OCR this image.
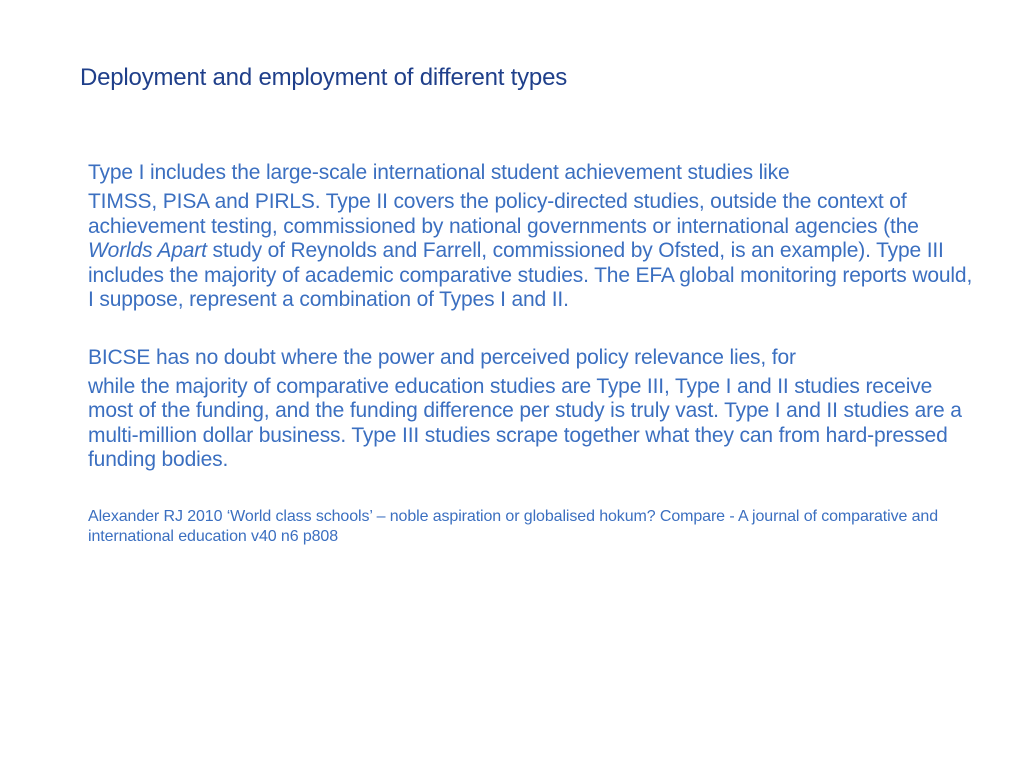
Deployment and employment of different types

Type I includes the large-scale international student achievement studies like
TIMSS, PISA and PIRLS. Type II covers the policy-directed studies, outside the context of achievement testing, commissioned by national governments or international agencies (the Worlds Apart study of Reynolds and Farrell, commissioned by Ofsted, is an example). Type III includes the majority of academic comparative studies. The EFA global monitoring reports would, I suppose, represent a combination of Types I and II.

BICSE has no doubt where the power and perceived policy relevance lies, for
while the majority of comparative education studies are Type III, Type I and II studies receive most of the funding, and the funding difference per study is truly vast. Type I and II studies are a multi-million dollar business. Type III studies scrape together what they can from hard-pressed funding bodies.

Alexander RJ 2010 ‘World class schools’ – noble aspiration or globalised hokum? Compare - A journal of comparative and international education v40 n6 p808
